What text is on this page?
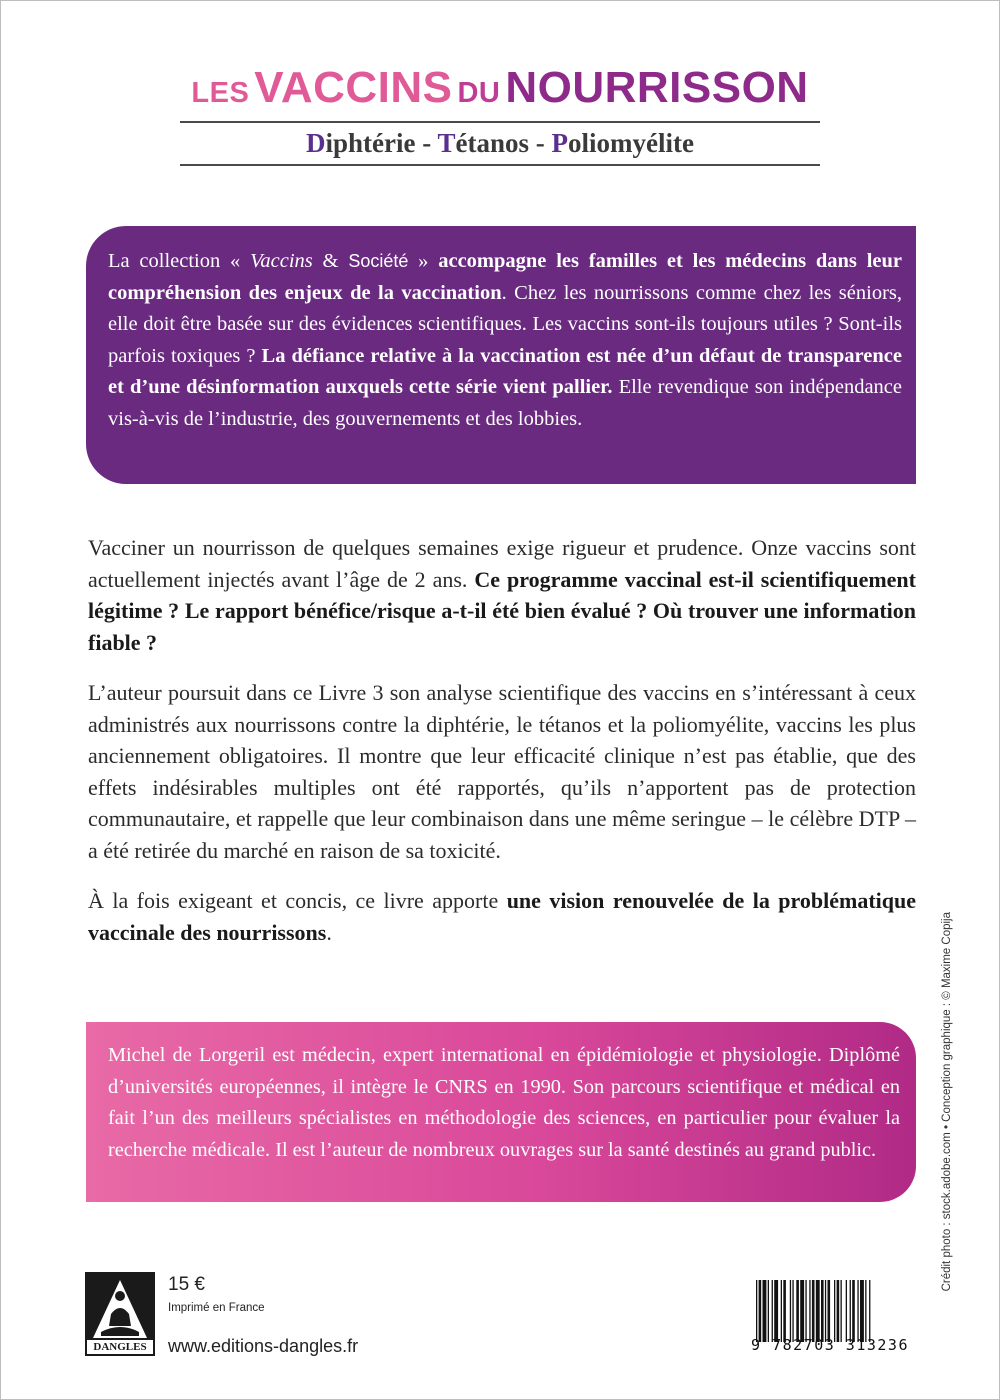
LES VACCINS DU NOURRISSON
Diphtérie - Tétanos - Poliomyélite

La collection « Vaccins & Société » accompagne les familles et les médecins dans leur compréhension des enjeux de la vaccination. Chez les nourrissons comme chez les séniors, elle doit être basée sur des évidences scientifiques. Les vaccins sont-ils toujours utiles ? Sont-ils parfois toxiques ? La défiance relative à la vaccination est née d’un défaut de transparence et d’une désinformation auxquels cette série vient pallier. Elle revendique son indépendance vis-à-vis de l’industrie, des gouvernements et des lobbies.

Vacciner un nourrisson de quelques semaines exige rigueur et prudence. Onze vaccins sont actuellement injectés avant l’âge de 2 ans. Ce programme vaccinal est-il scientifiquement légitime ? Le rapport bénéfice/risque a-t-il été bien évalué ? Où trouver une information fiable ?

L’auteur poursuit dans ce Livre 3 son analyse scientifique des vaccins en s’intéressant à ceux administrés aux nourrissons contre la diphtérie, le tétanos et la poliomyélite, vaccins les plus anciennement obligatoires. Il montre que leur efficacité clinique n’est pas établie, que des effets indésirables multiples ont été rapportés, qu’ils n’apportent pas de protection communautaire, et rappelle que leur combinaison dans une même seringue – le célèbre DTP – a été retirée du marché en raison de sa toxicité.

À la fois exigeant et concis, ce livre apporte une vision renouvelée de la problématique vaccinale des nourrissons.

Michel de Lorgeril est médecin, expert international en épidémiologie et physiologie. Diplômé d’universités européennes, il intègre le CNRS en 1990. Son parcours scientifique et médical en fait l’un des meilleurs spécialistes en méthodologie des sciences, en particulier pour évaluer la recherche médicale. Il est l’auteur de nombreux ouvrages sur la santé destinés au grand public.	Crédit photo : stock.adobe.com • Conception graphique : © Maxime Copija
DANGLES
15 €
Imprimé en France
www.editions-dangles.fr	9 782703 313236
